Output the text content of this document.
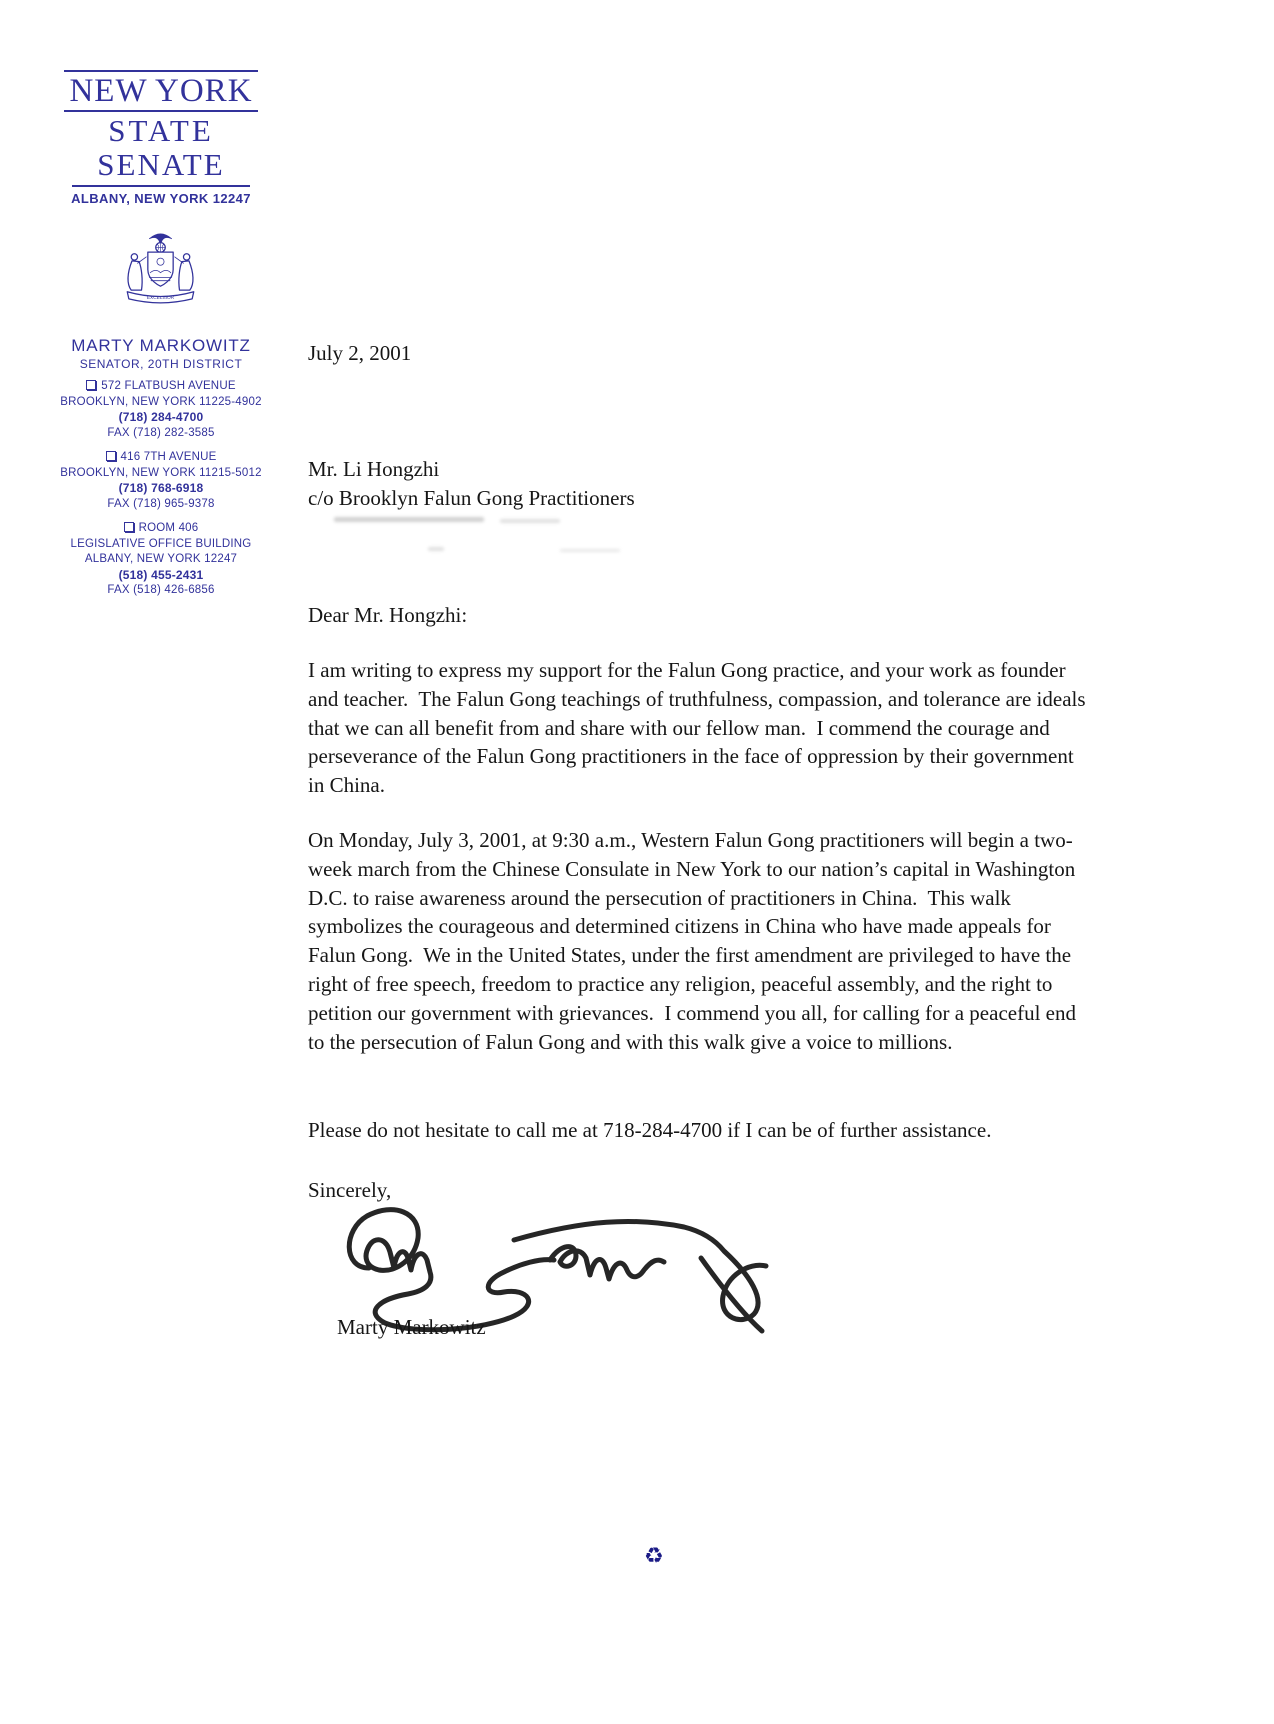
NEW YORK
STATE
SENATE
ALBANY, NEW YORK 12247
EXCELSIOR
MARTY MARKOWITZ
SENATOR, 20TH DISTRICT
572 FLATBUSH AVENUE
BROOKLYN, NEW YORK 11225-4902
(718) 284-4700
FAX (718) 282-3585
416 7TH AVENUE
BROOKLYN, NEW YORK 11215-5012
(718) 768-6918
FAX (718) 965-9378
ROOM 406
LEGISLATIVE OFFICE BUILDING
ALBANY, NEW YORK 12247
(518) 455-2431
FAX (518) 426-6856
July 2, 2001
Mr. Li Hongzhi
c/o Brooklyn Falun Gong Practitioners
Dear Mr. Hongzhi:
I am writing to express my support for the Falun Gong practice, and your work as founder and teacher.  The Falun Gong teachings of truthfulness, compassion, and tolerance are ideals that we can all benefit from and share with our fellow man.  I commend the courage and perseverance of the Falun Gong practitioners in the face of oppression by their government in China.
On Monday, July 3, 2001, at 9:30 a.m., Western Falun Gong practitioners will begin a two-week march from the Chinese Consulate in New York to our nation’s capital in Washington D.C. to raise awareness around the persecution of practitioners in China.  This walk symbolizes the courageous and determined citizens in China who have made appeals for Falun Gong.  We in the United States, under the first amendment are privileged to have the right of free speech, freedom to practice any religion, peaceful assembly, and the right to petition our government with grievances.  I commend you all, for calling for a peaceful end to the persecution of Falun Gong and with this walk give a voice to millions.
Please do not hesitate to call me at 718-284-4700 if I can be of further assistance.
Sincerely,
Marty Markowitz
♻
